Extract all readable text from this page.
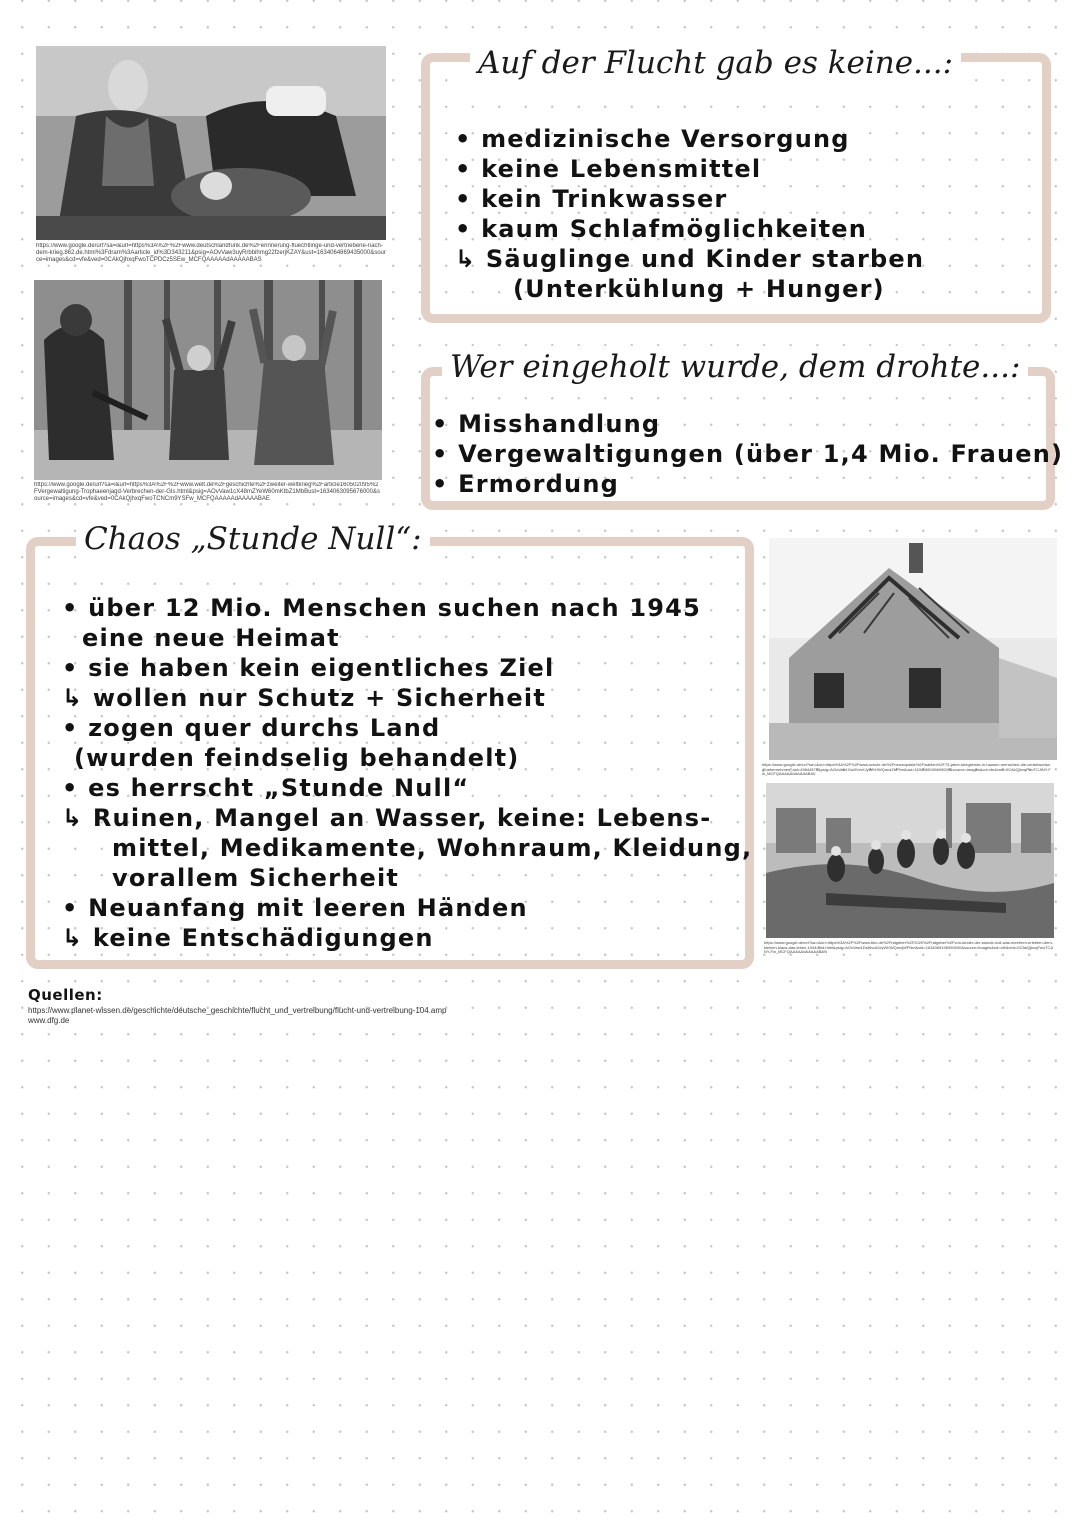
https://www.google.de/url?sa=i&url=https%3A%2F%2Fwww.deutschlandfunk.de%2Ferinnerung-fluechtlinge-und-vertriebene-nach-dem-krieg.862.de.html%3Fdram%3Aarticle_id%3D343211&psig=AOvVaw3uyRrbbihmg22fzerjKZAY&ust=1634064869435000&source=images&cd=vfe&ved=0CAkQjhxqFwoTCPDCz5SEw_MCFQAAAAAdAAAAABAS
https://www.google.de/url?sa=i&url=https%3A%2F%2Fwww.welt.de%2Fgeschichte%2Fzweiter-weltkrieg%2Farticle160502095%2FVergewaltigung-Trophaeenjagd-Verbrechen-der-GIs.html&psig=AOvVaw1cX48mZYeW60mKtbZ1MbBust=1634063095676000&source=images&cd=vfe&ved=0CAkQjhxqFwoTCNCm9YSFw_MCFQAAAAAdAAAAABAE
Auf der Flucht gab es keine...:
• medizinische Versorgung
• keine Lebensmittel
• kein Trinkwasser
• kaum Schlafmöglichkeiten
↳ Säuglinge und Kinder starben
(Unterkühlung + Hunger)
Wer eingeholt wurde, dem drohte...:
• Misshandlung
• Vergewaltigungen (über 1,4 Mio. Frauen)
• Ermordung
Chaos „Stunde Null“:
• über 12 Mio. Menschen suchen nach 1945
eine neue Heimat
• sie haben kein eigentliches Ziel
↳ wollen nur Schutz + Sicherheit
• zogen quer durchs Land
(wurden feindselig behandelt)
• es herrscht „Stunde Null“
↳ Ruinen, Mangel an Wasser, keine: Lebens-
mittel, Medikamente, Wohnraum, Kleidung,
vorallem Sicherheit
• Neuanfang mit leeren Händen
↳ keine Entschädigungen
https://www.google.de/url?sa=i&url=https%3A%2F%2Fwww.schule.de%2Fnewsupdate%2Fwahlen%2F75-jahre-kriegsende-in-hausen-menschen-die-verantwortung-uebernehmen_aid=49844570&psig=AOvVaw1Gw0VmXJyWKHWQmoiZhF9m&ust=1634065196609000&source=images&cd=vfe&ved=0CAkQjhxqFwoTCJiNY-Fw_MCFQAAAAAdAAAAABAV
https://www.google.de/url?sa=i&url=https%3A%2F%2Fwww.bbc.de%2Fratgeber%2F2020%2Fratgeber%2Fvon-kinder-der-stunde-null-was-meehren-erlebten-dem-kleinen-klaus-das-leben-1944/Bild.html&psig=AOvVaw1DsiNvdUUyWKWQmxjWFNm&ust=1634065196950000&source=images&cd=vfe&ved=0CAkQjhxqFwoTCJiNY-Fw_MCFQAAAAAdAAAAABAN
Quellen:
https://www.planet-wissen.de/geschichte/deutsche_geschichte/flucht_und_vertreibung/flucht-und-vertreibung-104.amp
www.dfg.de
